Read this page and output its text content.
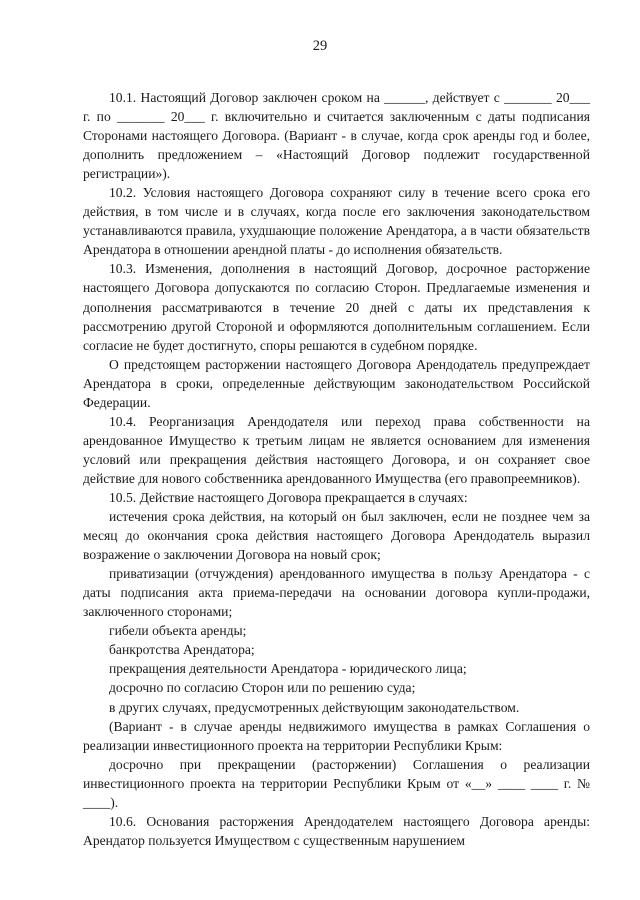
29

10.1. Настоящий Договор заключен сроком на ______, действует с _______ 20___ г. по _______ 20___ г. включительно и считается заключенным с даты подписания Сторонами настоящего Договора. (Вариант - в случае, когда срок аренды год и более, дополнить предложением – «Настоящий Договор подлежит государственной регистрации»).

10.2. Условия настоящего Договора сохраняют силу в течение всего срока его действия, в том числе и в случаях, когда после его заключения законодательством устанавливаются правила, ухудшающие положение Арендатора, а в части обязательств Арендатора в отношении арендной платы - до исполнения обязательств.

10.3. Изменения, дополнения в настоящий Договор, досрочное расторжение настоящего Договора допускаются по согласию Сторон. Предлагаемые изменения и дополнения рассматриваются в течение 20 дней с даты их представления к рассмотрению другой Стороной и оформляются дополнительным соглашением. Если согласие не будет достигнуто, споры решаются в судебном порядке.

О предстоящем расторжении настоящего Договора Арендодатель предупреждает Арендатора в сроки, определенные действующим законодательством Российской Федерации.

10.4. Реорганизация Арендодателя или переход права собственности на арендованное Имущество к третьим лицам не является основанием для изменения условий или прекращения действия настоящего Договора, и он сохраняет свое действие для нового собственника арендованного Имущества (его правопреемников).

10.5. Действие настоящего Договора прекращается в случаях:

истечения срока действия, на который он был заключен, если не позднее чем за месяц до окончания срока действия настоящего Договора Арендодатель выразил возражение о заключении Договора на новый срок;

приватизации (отчуждения) арендованного имущества в пользу Арендатора - с даты подписания акта приема-передачи на основании договора купли-продажи, заключенного сторонами;

гибели объекта аренды;

банкротства Арендатора;

прекращения деятельности Арендатора - юридического лица;

досрочно по согласию Сторон или по решению суда;

в других случаях, предусмотренных действующим законодательством.

(Вариант - в случае аренды недвижимого имущества в рамках Соглашения о реализации инвестиционного проекта на территории Республики Крым:

досрочно при прекращении (расторжении) Соглашения о реализации инвестиционного проекта на территории Республики Крым от «__» ____ ____ г. № ____).

10.6. Основания расторжения Арендодателем настоящего Договора аренды: Арендатор пользуется Имуществом с существенным нарушением
